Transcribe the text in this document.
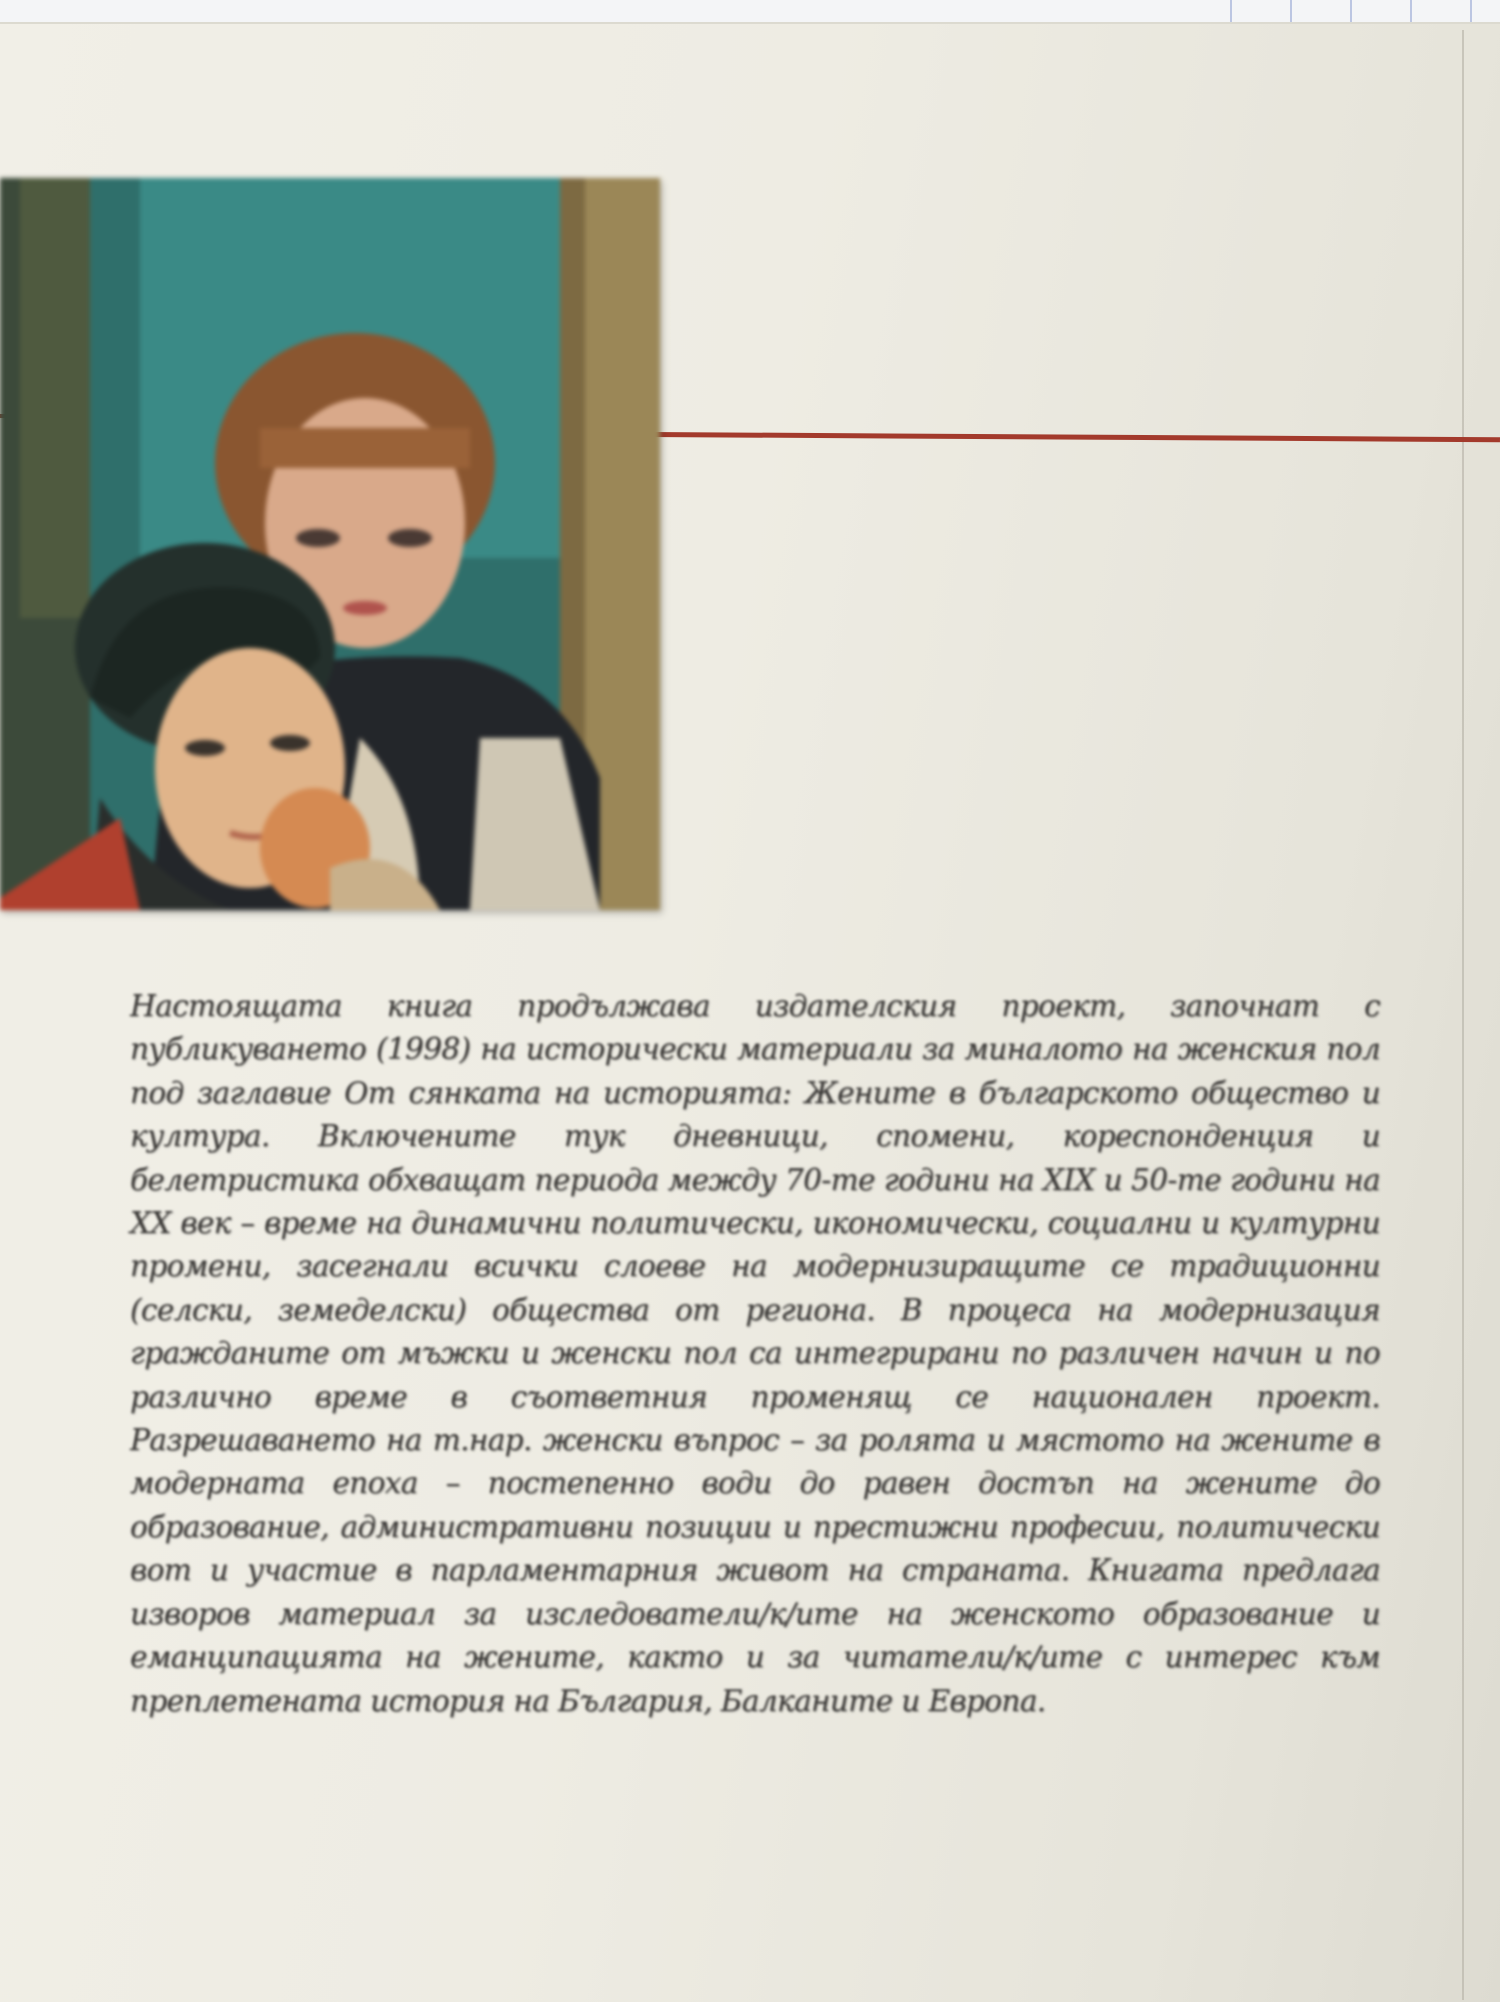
Настоящата книга продължава издателския проект, започнат с публикуването (1998) на исторически материали за миналото на женския пол под заглавие От сянката на историята: Жените в българското общество и култура. Включените тук дневници, спомени, кореспонденция и белетристика обхващат периода между 70-те години на XIX и 50-те години на XX век – време на динамични политически, икономически, социални и културни промени, засегнали всички слоеве на модернизиращите се традиционни (селски, земеделски) общества от региона. В процеса на модернизация гражданите от мъжки и женски пол са интегрирани по различен начин и по различно време в съответния променящ се национален проект. Разрешаването на т.нар. женски въпрос – за ролята и мястото на жените в модерната епоха – постепенно води до равен достъп на жените до образование, административни позиции и престижни професии, политически вот и участие в парламентарния живот на страната. Книгата предлага изворов материал за изследователи/к/ите на женското образование и еманципацията на жените, както и за читатели/к/ите с интерес към преплетената история на България, Балканите и Европа.
